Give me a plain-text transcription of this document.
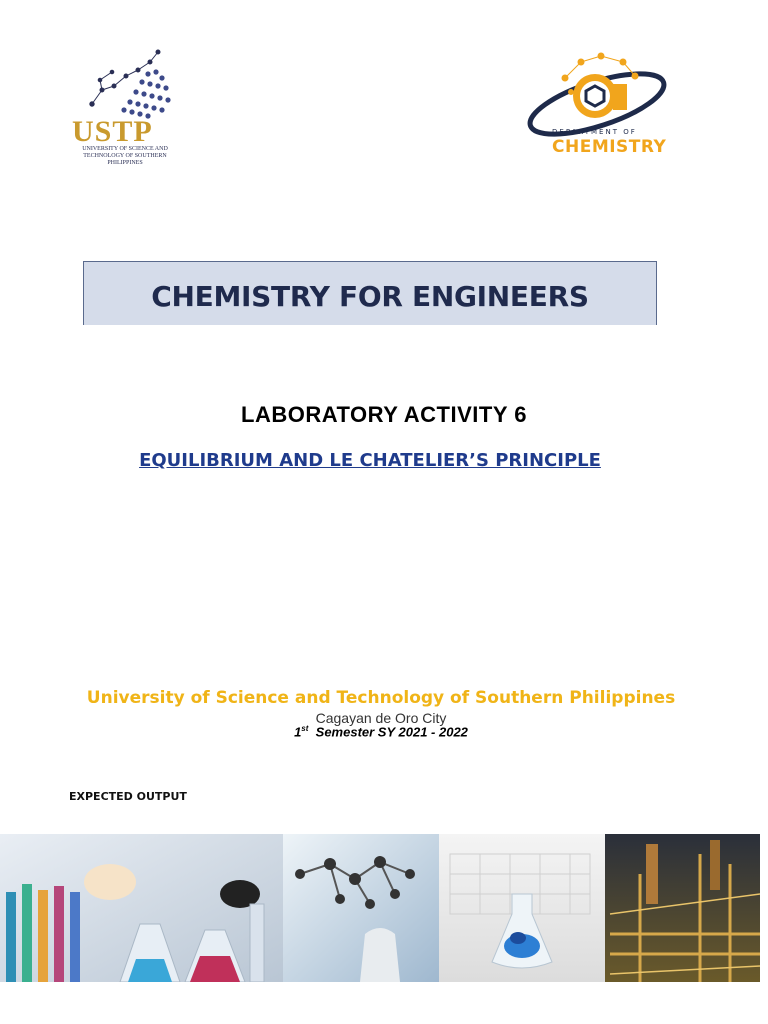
USTP
UNIVERSITY OF SCIENCE AND TECHNOLOGY OF SOUTHERN PHILIPPINES
DEPARTMENT OF
CHEMISTRY
CHEMISTRY FOR ENGINEERS
LABORATORY ACTIVITY 6
EQUILIBRIUM AND LE CHATELIER’S PRINCIPLE
University of Science and Technology of Southern Philippines
Cagayan de Oro City
1st  Semester SY 2021 - 2022
EXPECTED OUTPUT
